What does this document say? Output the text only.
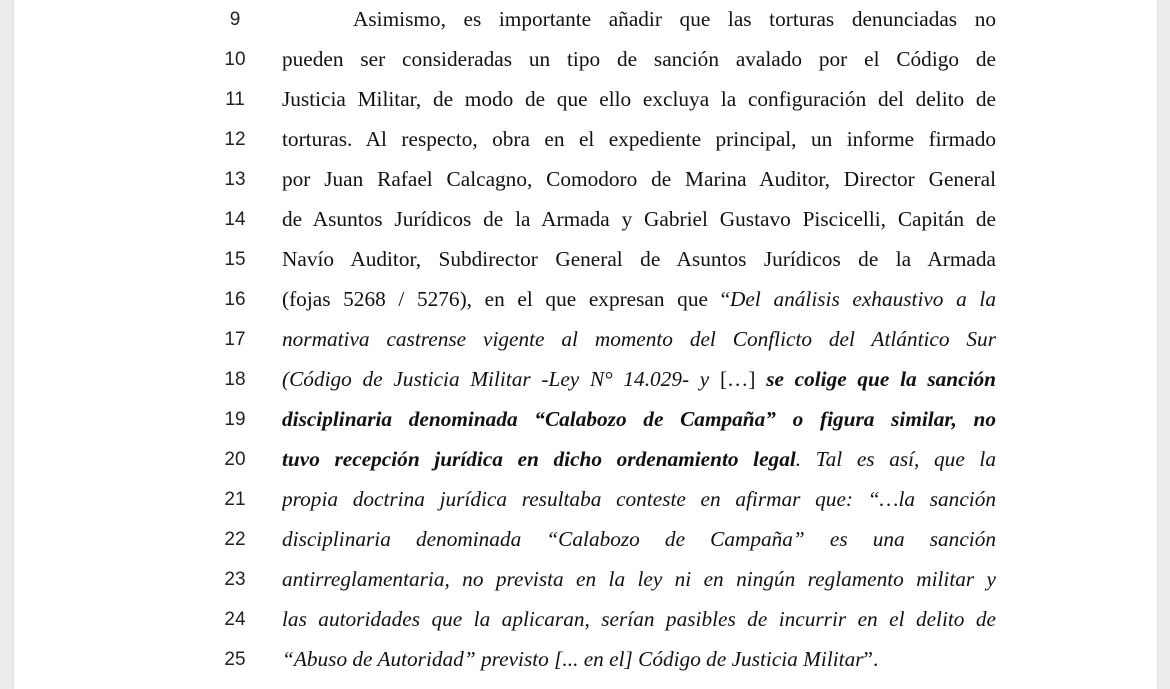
9	Asimismo, es importante añadir que las torturas denunciadas no
10	pueden ser consideradas un tipo de sanción avalado por el Código de
11	Justicia Militar, de modo de que ello excluya la configuración del delito de
12	torturas. Al respecto, obra en el expediente principal, un informe firmado
13	por Juan Rafael Calcagno, Comodoro de Marina Auditor, Director General
14	de Asuntos Jurídicos de la Armada y Gabriel Gustavo Piscicelli, Capitán de
15	Navío Auditor, Subdirector General de Asuntos Jurídicos de la Armada
16	(fojas 5268 / 5276), en el que expresan que “Del análisis exhaustivo a la
17	normativa castrense vigente al momento del Conflicto del Atlántico Sur
18	(Código de Justicia Militar -Ley N° 14.029- y […] se colige que la sanción
19	disciplinaria denominada “Calabozo de Campaña” o figura similar, no
20	tuvo recepción jurídica en dicho ordenamiento legal. Tal es así, que la
21	propia doctrina jurídica resultaba conteste en afirmar que: “…la sanción
22	disciplinaria denominada “Calabozo de Campaña” es una sanción
23	antirreglamentaria, no prevista en la ley ni en ningún reglamento militar y
24	las autoridades que la aplicaran, serían pasibles de incurrir en el delito de
25	“Abuso de Autoridad” previsto [... en el] Código de Justicia Militar”.
